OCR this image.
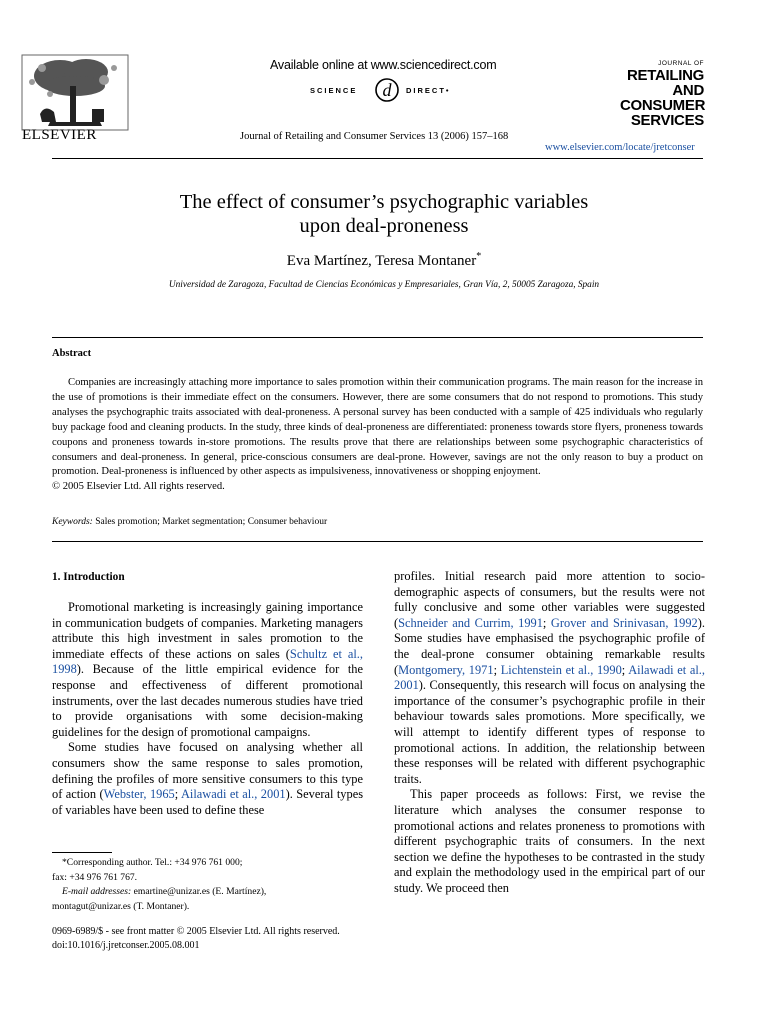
ELSEVIER
Available online at www.sciencedirect.com
SCIENCE d DIRECT•
Journal of Retailing and Consumer Services 13 (2006) 157–168
JOURNAL OF
RETAILING
AND
CONSUMER
SERVICES
www.elsevier.com/locate/jretconser
The effect of consumer’s psychographic variables
upon deal-proneness
Eva Martínez, Teresa Montaner*
Universidad de Zaragoza, Facultad de Ciencias Económicas y Empresariales, Gran Vía, 2, 50005 Zaragoza, Spain
Abstract
Companies are increasingly attaching more importance to sales promotion within their communication programs. The main reason for the increase in the use of promotions is their immediate effect on the consumers. However, there are some consumers that do not respond to promotions. This study analyses the psychographic traits associated with deal-proneness. A personal survey has been conducted with a sample of 425 individuals who regularly buy package food and cleaning products. In the study, three kinds of deal-proneness are differentiated: proneness towards store flyers, proneness towards coupons and proneness towards in-store promotions. The results prove that there are relationships between some psychographic characteristics of consumers and deal-proneness. In general, price-conscious consumers are deal-prone. However, savings are not the only reason to buy a product on promotion. Deal-proneness is influenced by other aspects as impulsiveness, innovativeness or shopping enjoyment.
© 2005 Elsevier Ltd. All rights reserved.
Keywords: Sales promotion; Market segmentation; Consumer behaviour
1. Introduction

Promotional marketing is increasingly gaining importance in communication budgets of companies. Marketing managers attribute this high investment in sales promotion to the immediate effects of these actions on sales (Schultz et al., 1998). Because of the little empirical evidence for the response and effectiveness of different promotional instruments, over the last decades numerous studies have tried to provide organisations with some decision-making guidelines for the design of promotional campaigns.

Some studies have focused on analysing whether all consumers show the same response to sales promotion, defining the profiles of more sensitive consumers to this type of action (Webster, 1965; Ailawadi et al., 2001). Several types of variables have been used to define these

profiles. Initial research paid more attention to socio-demographic aspects of consumers, but the results were not fully conclusive and some other variables were suggested (Schneider and Currim, 1991; Grover and Srinivasan, 1992). Some studies have emphasised the psychographic profile of the deal-prone consumer obtaining remarkable results (Montgomery, 1971; Lichtenstein et al., 1990; Ailawadi et al., 2001). Consequently, this research will focus on analysing the importance of the consumer’s psychographic profile in their behaviour towards sales promotions. More specifically, we will attempt to identify different types of response to promotional actions. In addition, the relationship between these responses will be related with different psychographic traits.

This paper proceeds as follows: First, we revise the literature which analyses the consumer response to promotional actions and relates proneness to promotions with different psychographic traits of consumers. In the next section we define the hypotheses to be contrasted in the study and explain the methodology used in the empirical part of our study. We proceed then

*Corresponding author. Tel.: +34 976 761 000;
fax: +34 976 761 767.
E-mail addresses: emartine@unizar.es (E. Martínez),
montagut@unizar.es (T. Montaner).
0969-6989/$ - see front matter © 2005 Elsevier Ltd. All rights reserved.
doi:10.1016/j.jretconser.2005.08.001
